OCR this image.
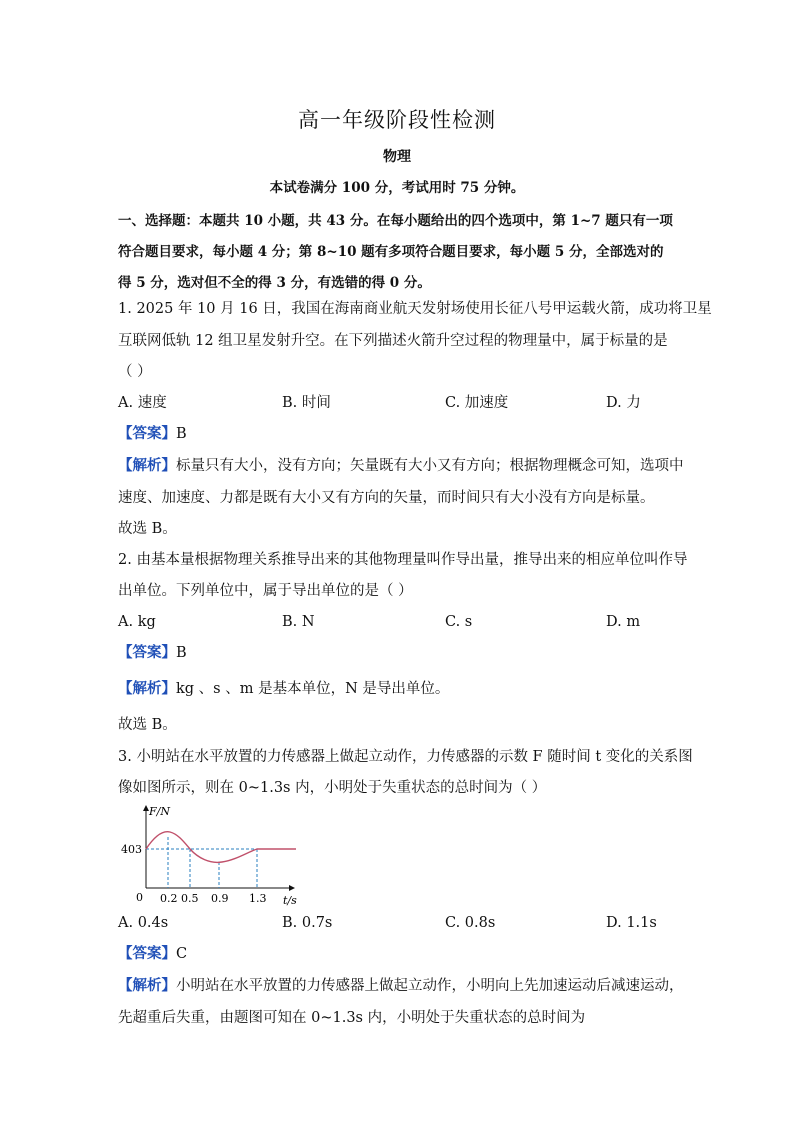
高一年级阶段性检测
物理
本试卷满分 100 分，考试用时 75 分钟。
一、选择题：本题共 10 小题，共 43 分。在每小题给出的四个选项中，第 1~7 题只有一项
符合题目要求，每小题 4 分；第 8~10 题有多项符合题目要求，每小题 5 分，全部选对的
得 5 分，选对但不全的得 3 分，有选错的得 0 分。
1. 2025 年 10 月 16 日，我国在海南商业航天发射场使用长征八号甲运载火箭，成功将卫星
互联网低轨 12 组卫星发射升空。在下列描述火箭升空过程的物理量中，属于标量的是
（ ）
A. 速度	B. 时间	C. 加速度	D. 力
【答案】B
【解析】标量只有大小，没有方向；矢量既有大小又有方向；根据物理概念可知，选项中
速度、加速度、力都是既有大小又有方向的矢量，而时间只有大小没有方向是标量。
故选 B。
2. 由基本量根据物理关系推导出来的其他物理量叫作导出量，推导出来的相应单位叫作导
出单位。下列单位中，属于导出单位的是（ ）
A. kg	B. N	C. s	D. m
【答案】B
【解析】kg 、s 、m 是基本单位，N 是导出单位。
故选 B。
3. 小明站在水平放置的力传感器上做起立动作，力传感器的示数 F 随时间 t 变化的关系图
像如图所示，则在 0~1.3s 内，小明处于失重状态的总时间为（ ）
F/N
t/s
0
403
0.2 0.5 0.9 1.3
A. 0.4s	B. 0.7s	C. 0.8s	D. 1.1s
【答案】C
【解析】小明站在水平放置的力传感器上做起立动作，小明向上先加速运动后减速运动，
先超重后失重，由题图可知在 0~1.3s 内，小明处于失重状态的总时间为
